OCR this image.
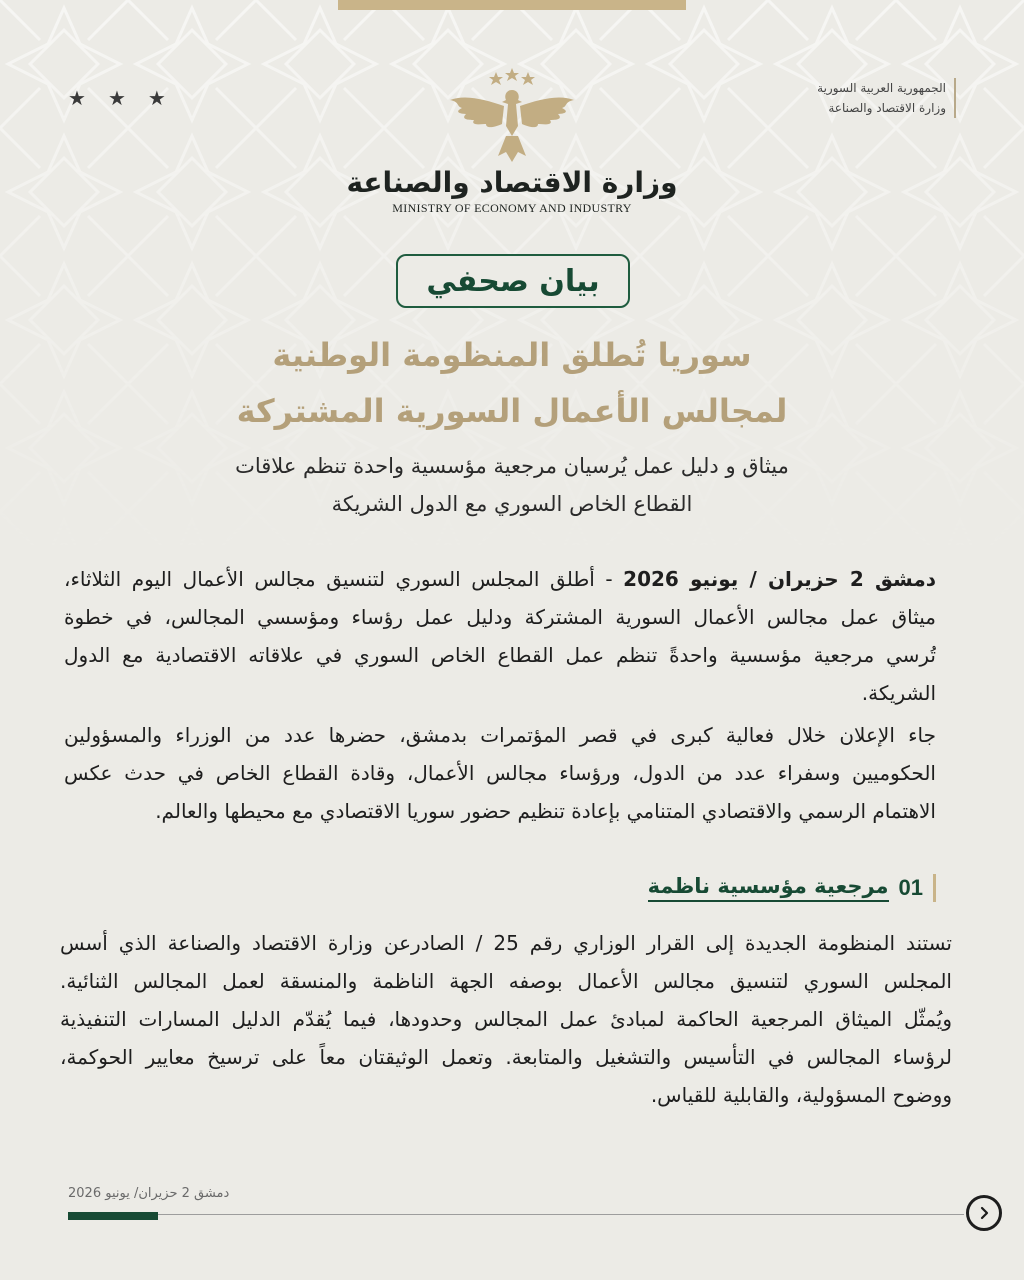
★
★
★	الجمهورية العربية السورية
وزارة الاقتصاد والصناعة
وزارة الاقتصاد والصناعة
MINISTRY OF ECONOMY AND INDUSTRY
بيان صحفي
سوريا تُطلق المنظومة الوطنية
لمجالس الأعمال السورية المشتركة
ميثاق و دليل عمل يُرسيان مرجعية مؤسسية واحدة تنظم علاقات
القطاع الخاص السوري مع الدول الشريكة
دمشق 2 حزيران / يونيو 2026 - أطلق المجلس السوري لتنسيق مجالس الأعمال اليوم الثلاثاء،
ميثاق عمل مجالس الأعمال السورية المشتركة ودليل عمل رؤساء ومؤسسي المجالس، في خطوة
تُرسي مرجعية مؤسسية واحدةً تنظم عمل القطاع الخاص السوري في علاقاته الاقتصادية مع الدول
الشريكة.
جاء الإعلان خلال فعالية كبرى في قصر المؤتمرات بدمشق، حضرها عدد من الوزراء والمسؤولين
الحكوميين وسفراء عدد من الدول، ورؤساء مجالس الأعمال، وقادة القطاع الخاص في حدث عكس
الاهتمام الرسمي والاقتصادي المتنامي بإعادة تنظيم حضور سوريا الاقتصادي مع محيطها والعالم.
01
مرجعية مؤسسية ناظمة
تستند المنظومة الجديدة إلى القرار الوزاري رقم 25 / الصادرعن وزارة الاقتصاد والصناعة الذي أسس
المجلس السوري لتنسيق مجالس الأعمال بوصفه الجهة الناظمة والمنسقة لعمل المجالس الثنائية.
ويُمثّل الميثاق المرجعية الحاكمة لمبادئ عمل المجالس وحدودها، فيما يُقدّم الدليل المسارات التنفيذية
لرؤساء المجالس في التأسيس والتشغيل والمتابعة. وتعمل الوثيقتان معاً على ترسيخ معايير الحوكمة،
ووضوح المسؤولية، والقابلية للقياس.
دمشق 2 حزيران/ يونيو 2026
